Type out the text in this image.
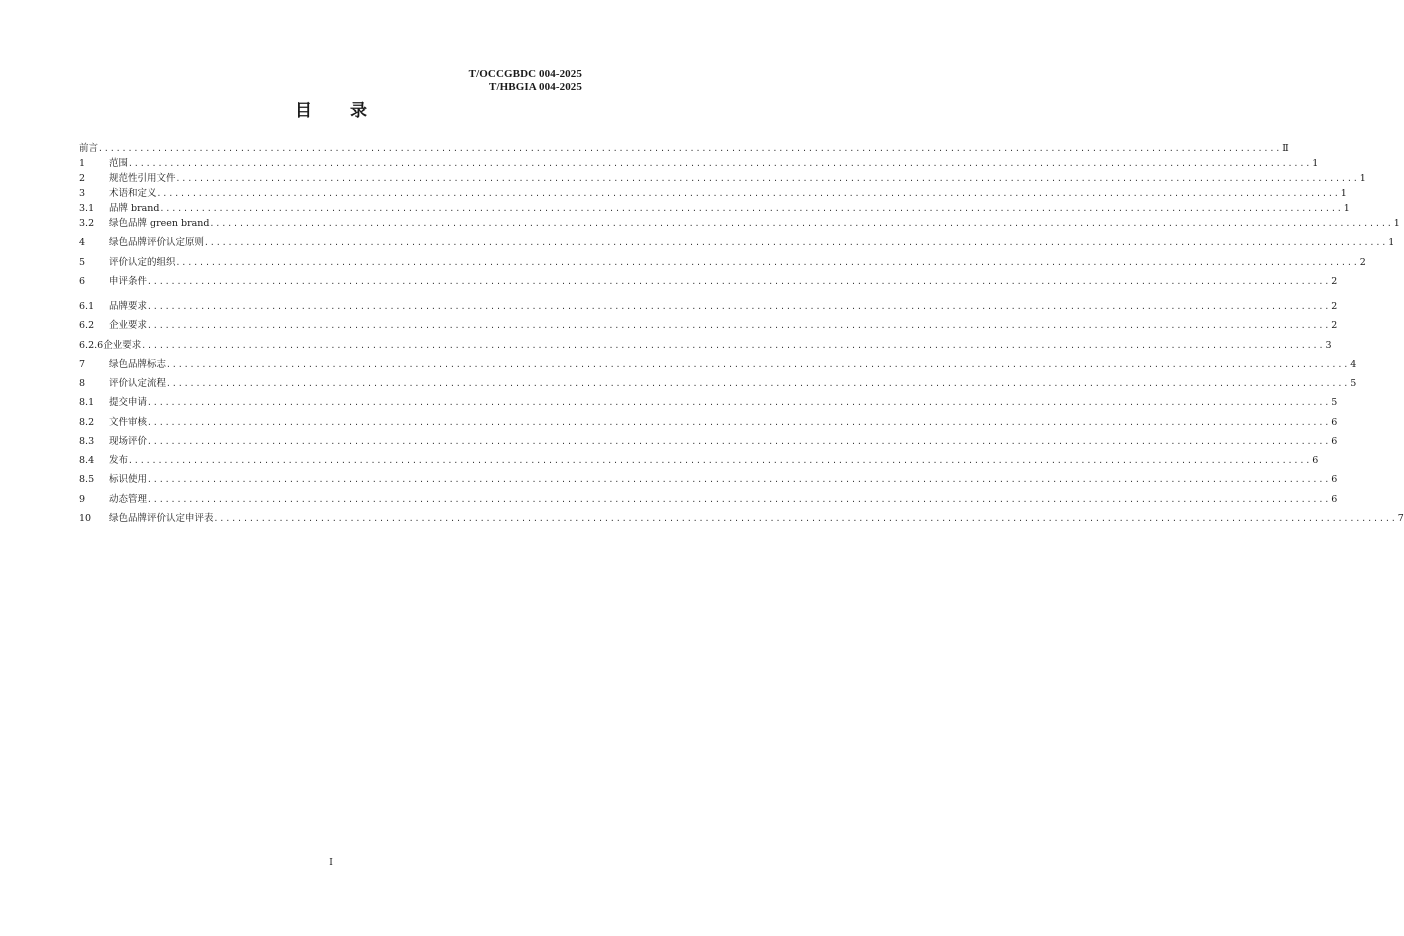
T/OCCGBDC 004-2025
T/HBGIA 004-2025
目录
前言 ........................................................................................................................................................................................................ Ⅱ
1	范围 ........................................................................................................................................................................................................ 1
2	规范性引用文件 ........................................................................................................................................................................................................ 1
3	术语和定义 ........................................................................................................................................................................................................ 1
3.1	品牌 brand ........................................................................................................................................................................................................ 1
3.2	绿色品牌 green brand ........................................................................................................................................................................................................ 1
4	绿色品牌评价认定原则 ........................................................................................................................................................................................................ 1
5	评价认定的组织 ........................................................................................................................................................................................................ 2
6	申评条件 ........................................................................................................................................................................................................ 2
6.1	品牌要求 ........................................................................................................................................................................................................ 2
6.2	企业要求 ........................................................................................................................................................................................................ 2
6.2.6 企业要求 ........................................................................................................................................................................................................ 3
7	绿色品牌标志 ........................................................................................................................................................................................................ 4
8	评价认定流程 ........................................................................................................................................................................................................ 5
8.1	提交申请 ........................................................................................................................................................................................................ 5
8.2	文件审核 ........................................................................................................................................................................................................ 6
8.3	现场评价 ........................................................................................................................................................................................................ 6
8.4	发布 ........................................................................................................................................................................................................ 6
8.5	标识使用 ........................................................................................................................................................................................................ 6
9	动态管理 ........................................................................................................................................................................................................ 6
10	绿色品牌评价认定申评表 ........................................................................................................................................................................................................ 7
I
